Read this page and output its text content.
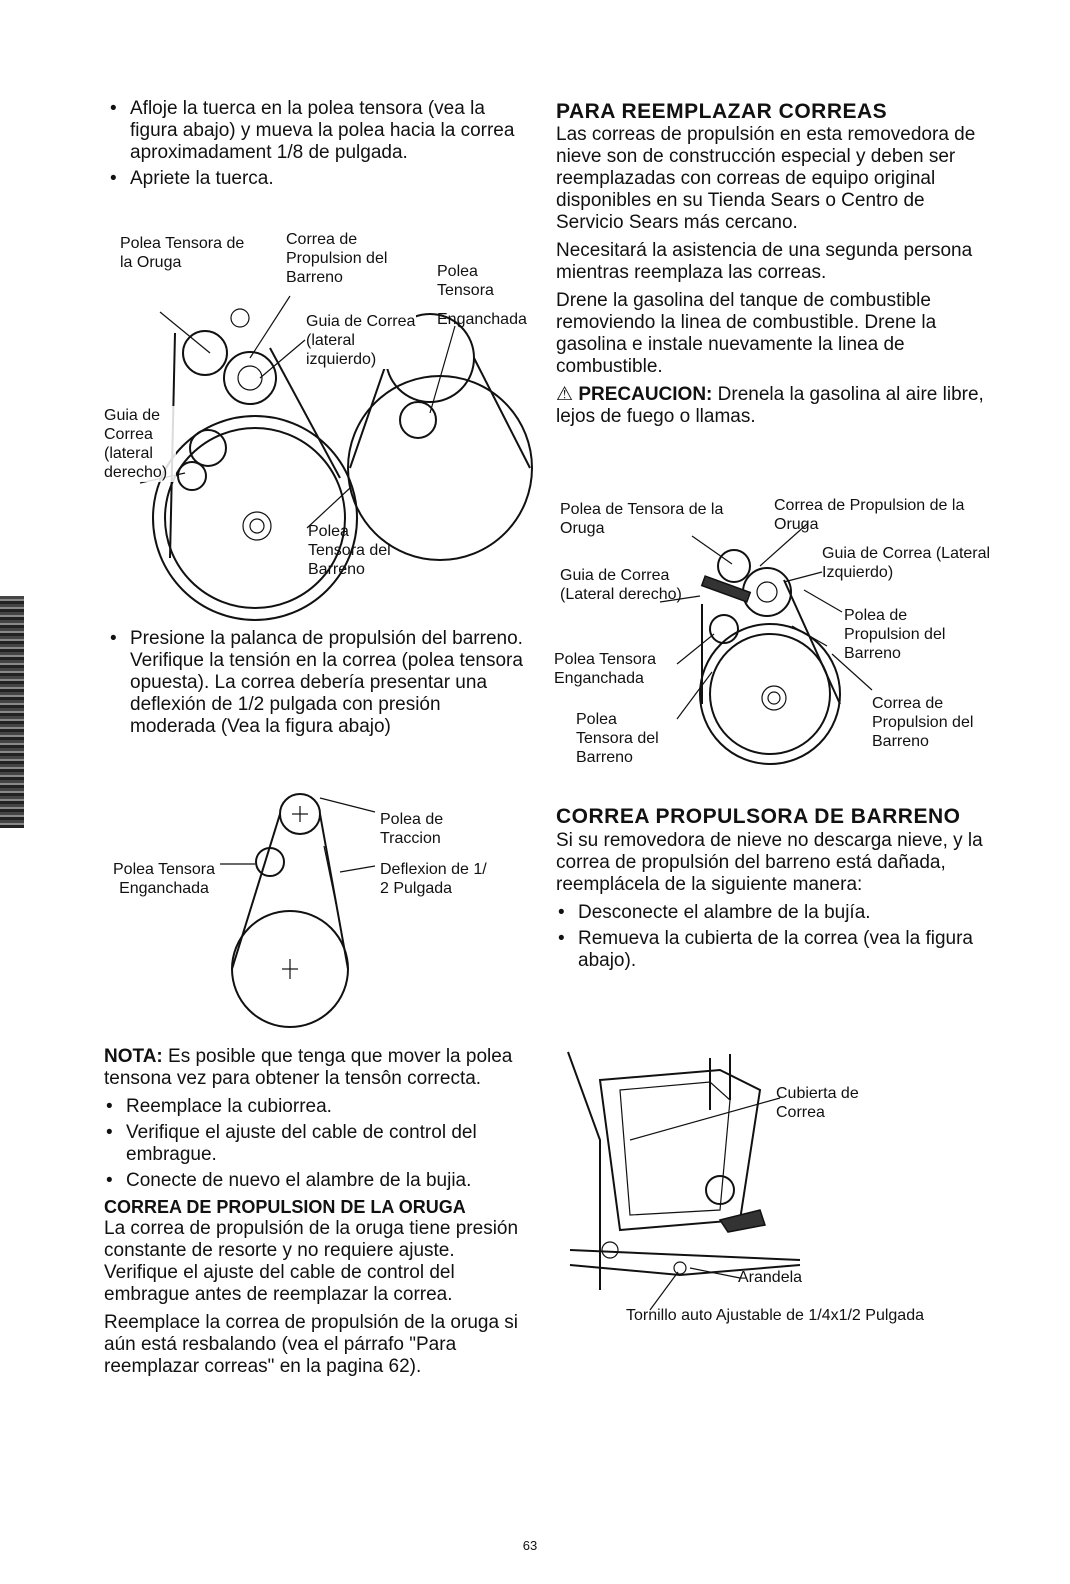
• Afloje la tuerca en la polea tensora (vea la figura abajo) y mueva la polea hacia la correa aproximadament 1/8 de pulgada.
• Apriete la tuerca.
Polea Tensora de la Oruga
Correa de Propulsion del Barreno	Polea Tensora
Enganchada
Guia de Correa (lateral izquierdo)
Guia de Correa (lateral derecho)
Polea Tensora del Barreno
• Presione la palanca de propulsión del barreno. Verifique la tensión en la correa (polea tensora opuesta). La correa debería presentar una deflexión de 1/2 pulgada con presión moderada (Vea la figura abajo)
Polea de Traccion
Polea Tensora Enganchada
Deflexion de 1/ 2 Pulgada

NOTA: Es posible que tenga que mover la polea tensona vez para obtener la tensôn correcta.

• Reemplace la cubiorrea.
• Verifique el ajuste del cable de control del embrague.
• Conecte de nuevo el alambre de la bujia.
CORREA DE PROPULSION DE LA ORUGA

La correa de propulsión de la oruga tiene presión constante de resorte y no requiere ajuste. Verifique el ajuste del cable de control del embrague antes de reemplazar la correa.

Reemplace la correa de propulsión de la oruga si aún está resbalando (vea el párrafo "Para reemplazar correas" en la pagina 62).

PARA REEMPLAZAR CORREAS

Las correas de propulsión en esta removedora de nieve son de construcción especial y deben ser reemplazadas con correas de equipo original disponibles en su Tienda Sears o Centro de Servicio Sears más cercano.

Necesitará la asistencia de una segunda persona mientras reemplaza las correas.

Drene la gasolina del tanque de combustible removiendo la linea de combustible. Drene la gasolina e instale nuevamente la linea de combustible.

⚠ PRECAUCION: Drenela la gasolina al aire libre, lejos de fuego o llamas.

Polea de Tensora de la Oruga
Correa de Propulsion de la Oruga
Guia de Correa (Lateral Izquierdo)
Guia de Correa (Lateral derecho)
Polea de Propulsion del Barreno
Polea Tensora Enganchada
Correa de Propulsion del Barreno
Polea Tensora del Barreno
CORREA PROPULSORA DE BARRENO

Si su removedora de nieve no descarga nieve, y la correa de propulsión del barreno está dañada, reemplácela de la siguiente manera:

• Desconecte el alambre de la bujía.
• Remueva la cubierta de la correa (vea la figura abajo).
Cubierta de Correa
Arandela
Tornillo auto Ajustable de 1/4x1/2 Pulgada
63
